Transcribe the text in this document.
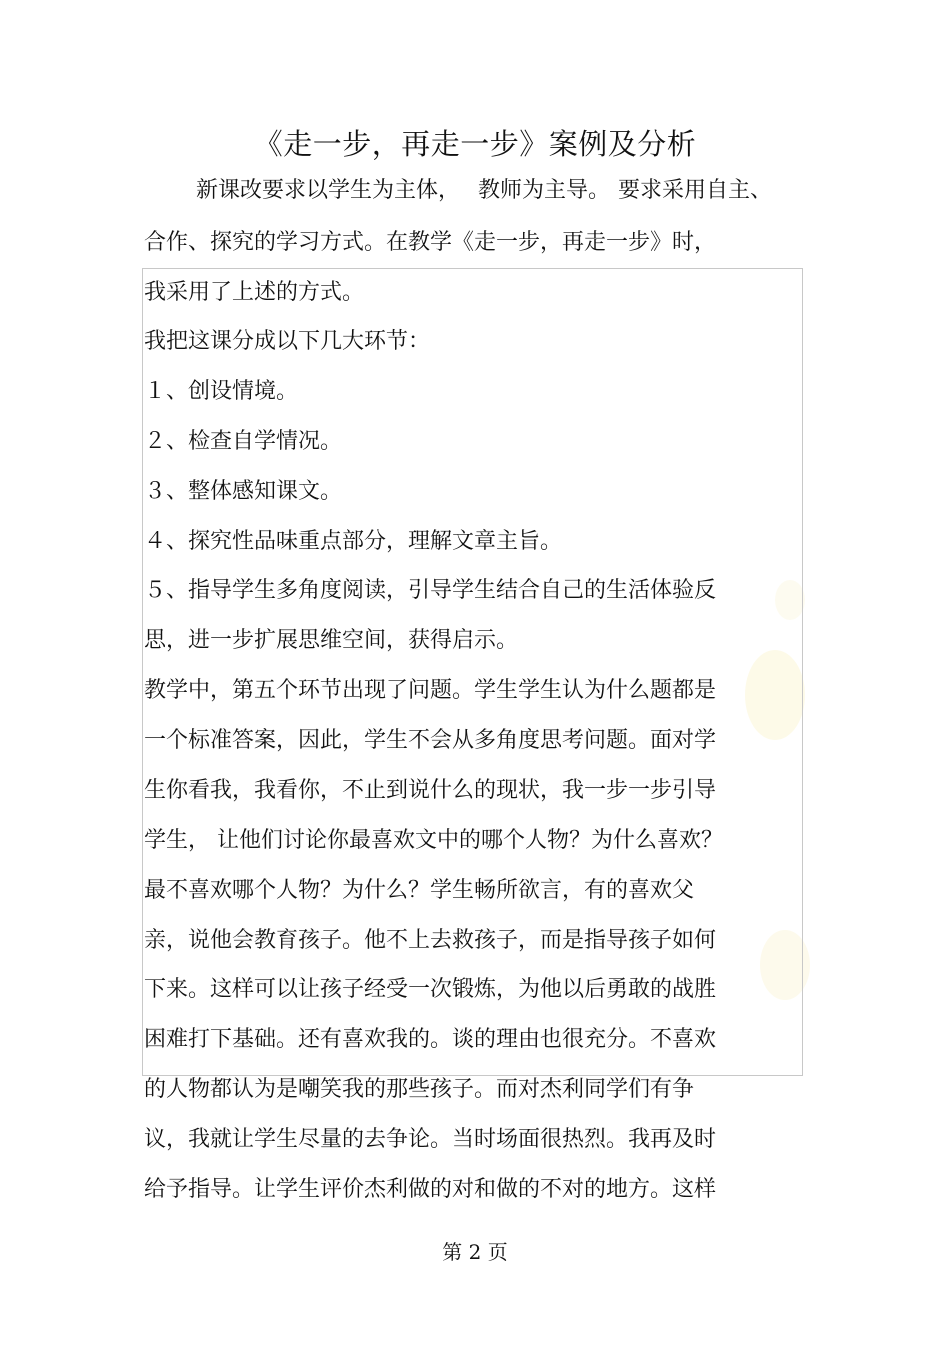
《走一步，再走一步》案例及分析
新课改要求以学生为主体， 教师为主导。 要求采用自主、
合作、探究的学习方式。在教学《走一步，再走一步》时，
我采用了上述的方式。
我把这课分成以下几大环节：
１、创设情境。
２、检查自学情况。
３、整体感知课文。
４、探究性品味重点部分，理解文章主旨。
５、指导学生多角度阅读，引导学生结合自己的生活体验反
思，进一步扩展思维空间，获得启示。
教学中，第五个环节出现了问题。学生学生认为什么题都是
一个标准答案，因此，学生不会从多角度思考问题。面对学
生你看我，我看你，不止到说什么的现状，我一步一步引导
学生， 让他们讨论你最喜欢文中的哪个人物？为什么喜欢？
最不喜欢哪个人物？为什么？学生畅所欲言，有的喜欢父
亲，说他会教育孩子。他不上去救孩子，而是指导孩子如何
下来。这样可以让孩子经受一次锻炼，为他以后勇敢的战胜
困难打下基础。还有喜欢我的。谈的理由也很充分。不喜欢
的人物都认为是嘲笑我的那些孩子。而对杰利同学们有争
议，我就让学生尽量的去争论。当时场面很热烈。我再及时
给予指导。让学生评价杰利做的对和做的不对的地方。这样
第 2 页
